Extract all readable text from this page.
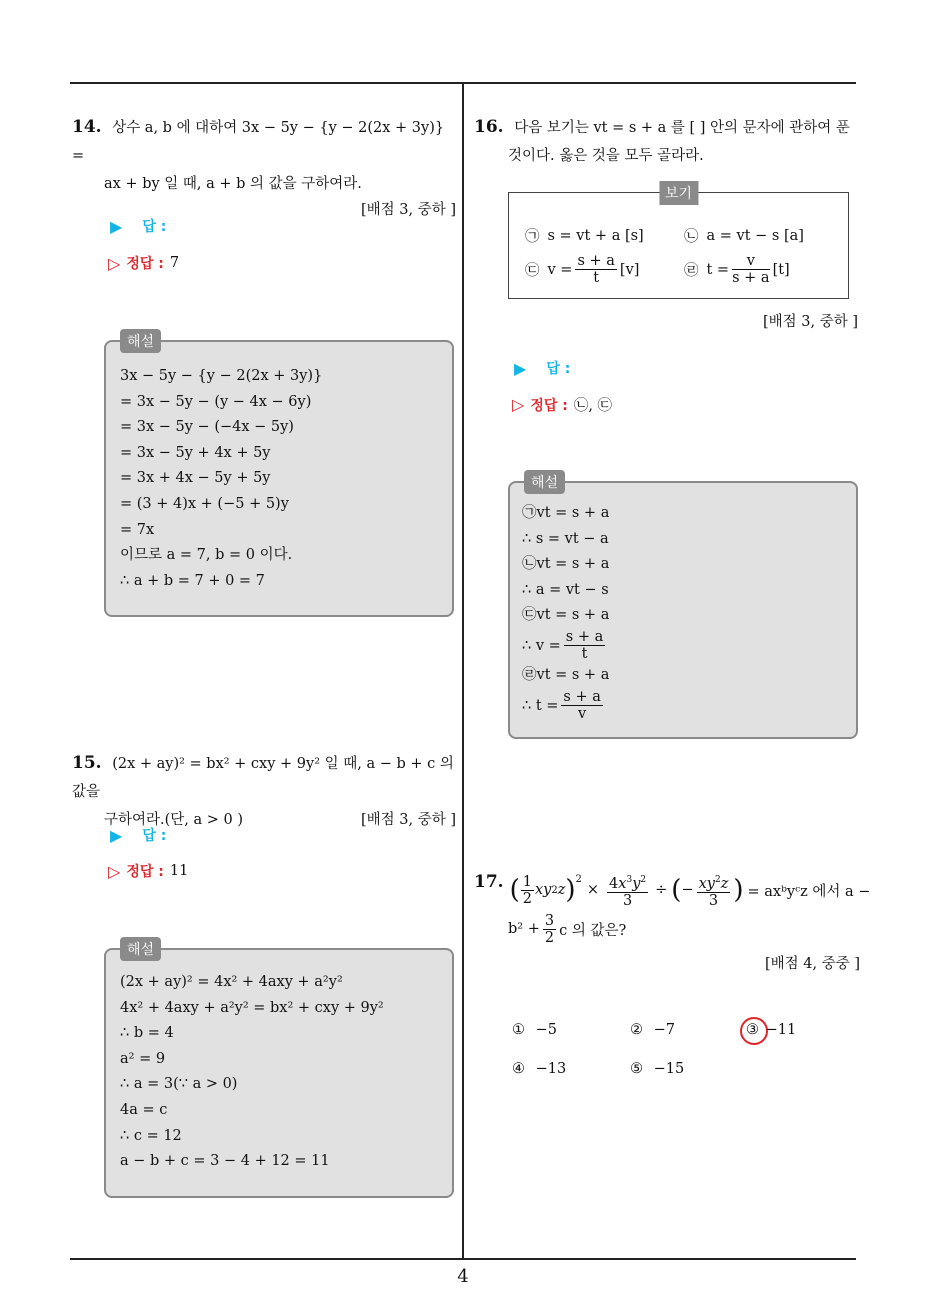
14. 상수 a, b 에 대하여 3x − 5y − {y − 2(2x + 3y)} =
ax + by 일 때, a + b 의 값을 구하여라.
[배점 3, 중하 ]
▶ 답 :
▷ 정답 : 7
해설
3x − 5y − {y − 2(2x + 3y)}
= 3x − 5y − (y − 4x − 6y)
= 3x − 5y − (−4x − 5y)
= 3x − 5y + 4x + 5y
= 3x + 4x − 5y + 5y
= (3 + 4)x + (−5 + 5)y
= 7x
이므로 a = 7, b = 0 이다.
∴ a + b = 7 + 0 = 7
15. (2x + ay)² = bx² + cxy + 9y² 일 때, a − b + c 의 값을
구하여라.(단, a > 0 )	[배점 3, 중하 ]
▶ 답 :
▷ 정답 : 11
해설
(2x + ay)² = 4x² + 4axy + a²y²
4x² + 4axy + a²y² = bx² + cxy + 9y²
∴ b = 4
a² = 9
∴ a = 3(∵ a > 0)
4a = c
∴ c = 12
a − b + c = 3 − 4 + 12 = 11
16. 다음 보기는 vt = s + a 를 [ ] 안의 문자에 관하여 푼
것이다. 옳은 것을 모두 골라라.
보기
㉠ s = vt + a [s]	㉡ a = vt − s [a]
㉢ $v = \frac{s + a}{t} [v]$	㉣ $t = \frac{v}{s + a} [t]$
[배점 3, 중하 ]
▶ 답 :
▷ 정답 : ㉡, ㉢
해설
㉠vt = s + a
∴ s = vt − a
㉡vt = s + a
∴ a = vt − s
㉢vt = s + a
∴ $v = \frac{s + a}{t}$
㉣vt = s + a
∴ $t = \frac{s + a}{v}$
17. ( $\frac{1}{2}$ xy 2 z )$^2$
× $\frac{4x^3y^2}{3}$ ÷ ( − $\frac{xy^2z}{3}$ ) = axᵇyᶜz 에서 a −
$b^2 + \frac{3}{2}$ c 의 값은?
[배점 4, 중중 ]
① −5	② −7	③ −11
④ −13	⑤ −15
4
